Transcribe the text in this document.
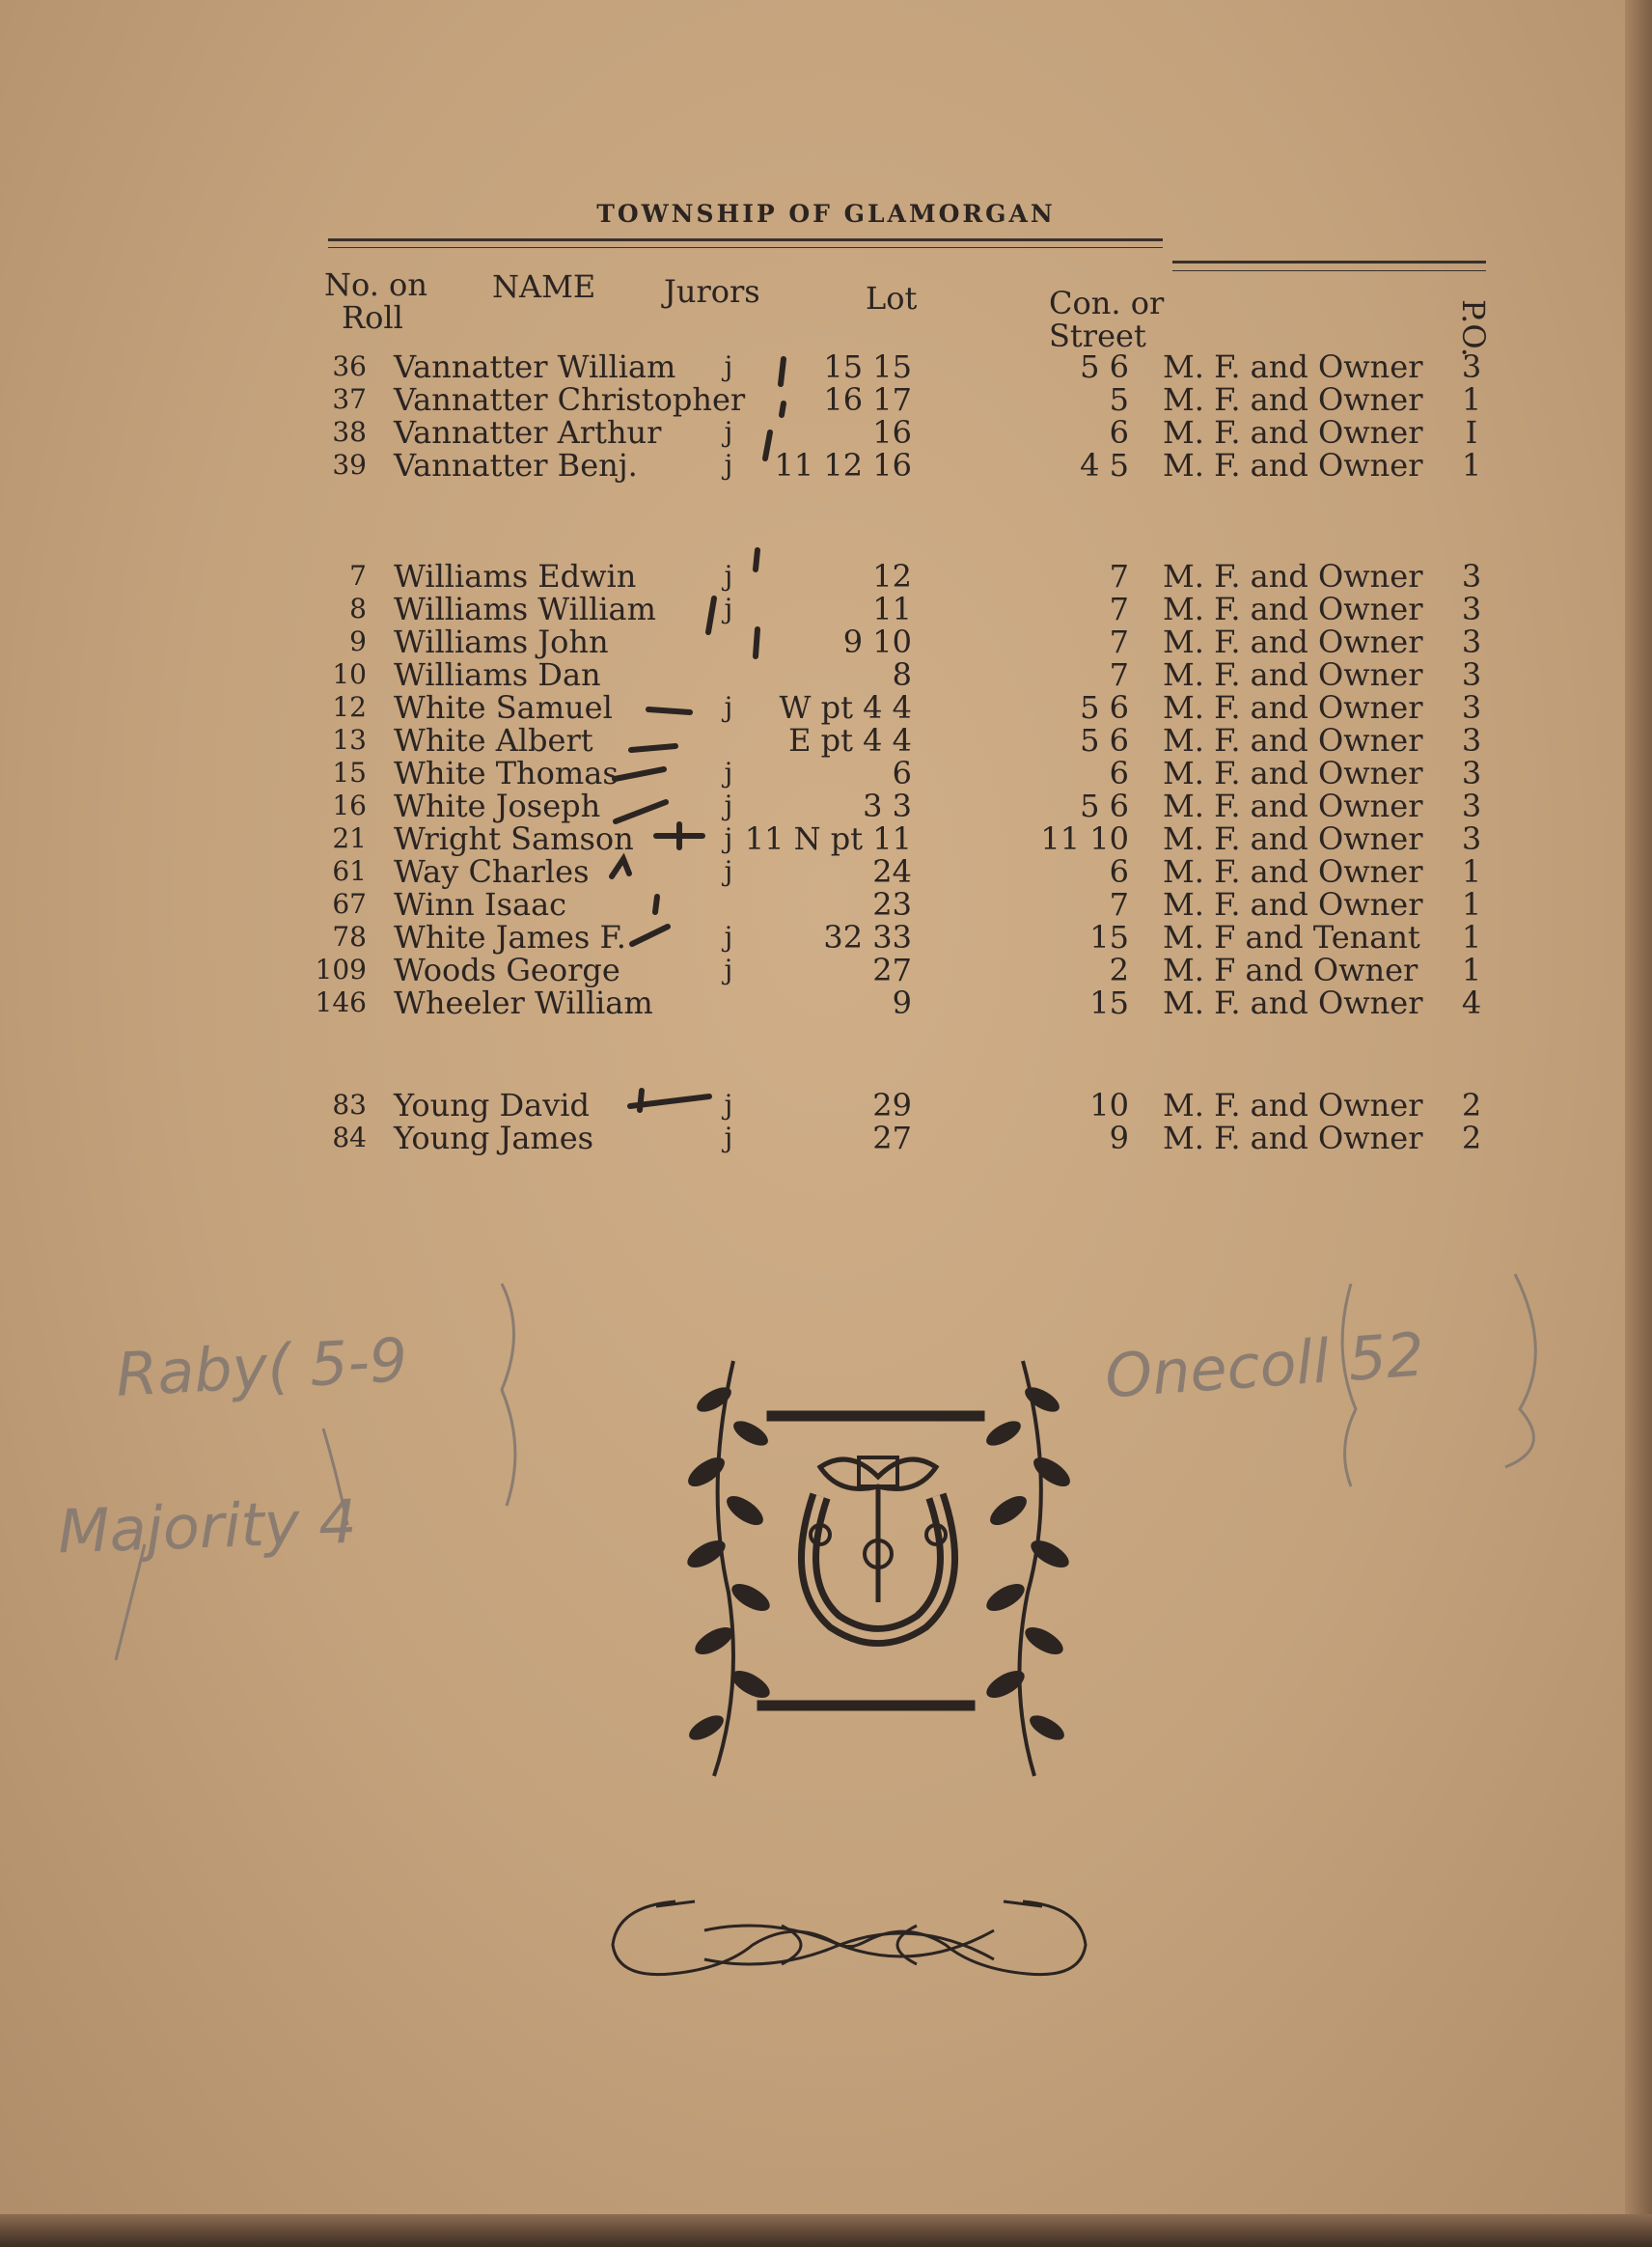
TOWNSHIP OF GLAMORGAN
No. on
Roll
NAME Jurors	Lot	Con. or
Street	P.O.
36 Vannatter William	j	15 15	5 6 M. F. and Owner	3
37 Vannatter Christopher	16 17	5 M. F. and Owner	1
38 Vannatter Arthur	j	16	6 M. F. and Owner	I
39 Vannatter Benj.	j	11 12 16	4 5 M. F. and Owner	1
7 Williams Edwin	j	12	7 M. F. and Owner	3
8 Williams William	j	11	7 M. F. and Owner	3
9 Williams John	9 10	7 M. F. and Owner	3
10 Williams Dan	8	7 M. F. and Owner	3
12 White Samuel	j	W pt 4 4	5 6 M. F. and Owner	3
13 White Albert	E pt 4 4	5 6 M. F. and Owner	3
15 White Thomas	j	6	6 M. F. and Owner	3
16 White Joseph	j	3 3	5 6 M. F. and Owner	3
21 Wright Samson	j 11 N pt 11	11 10 M. F. and Owner	3
61 Way Charles	j	24	6 M. F. and Owner	1
67 Winn Isaac	23	7 M. F. and Owner	1
78 White James F.	j	32 33	15 M. F and Tenant	1
109 Woods George	j	27	2 M. F and Owner	1
146 Wheeler William	9	15 M. F. and Owner	4
83 Young David	j	29	10 M. F. and Owner	2
84 Young James	j	27	9 M. F. and Owner	2
Raby( 5-9
Majority 4
Onecoll 52
